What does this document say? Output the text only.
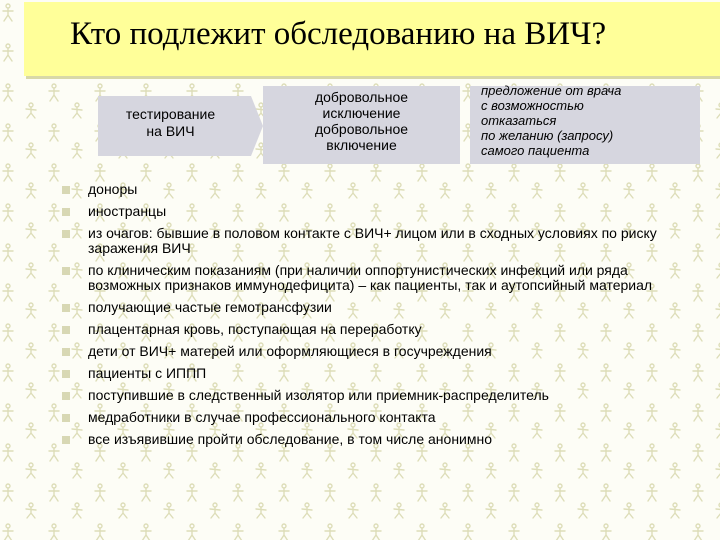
Кто подлежит обследованию на ВИЧ?
тестирование
на ВИЧ
добровольное
исключение
добровольное
включение
предложение от врача
с возможностью
отказаться
по желанию (запросу)
самого пациента
доноры
иностранцы
из очагов: бывшие в половом контакте с ВИЧ+ лицом или в сходных условиях по риску заражения ВИЧ
по клиническим показаниям (при наличии оппортунистических инфекций или ряда возможных признаков иммунодефицита) – как пациенты, так и аутопсийный материал
получающие частые гемотрансфузии
плацентарная кровь, поступающая на переработку
дети от ВИЧ+ матерей или оформляющиеся в госучреждения
пациенты с ИППП
поступившие в следственный изолятор или приемник-распределитель
медработники в случае профессионального контакта
все изъявившие пройти обследование, в том числе анонимно
